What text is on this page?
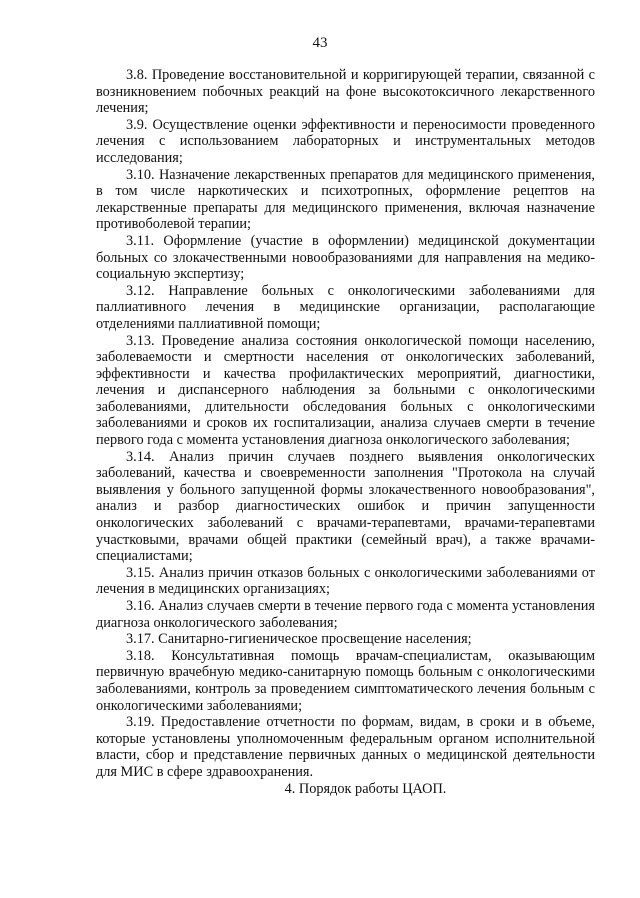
43

3.8. Проведение восстановительной и корригирующей терапии, связанной с возникновением побочных реакций на фоне высокотоксичного лекарственного лечения;

3.9. Осуществление оценки эффективности и переносимости проведенного лечения с использованием лабораторных и инструментальных методов исследования;

3.10. Назначение лекарственных препаратов для медицинского применения, в том числе наркотических и психотропных, оформление рецептов на лекарственные препараты для медицинского применения, включая назначение противоболевой терапии;

3.11. Оформление (участие в оформлении) медицинской документации больных со злокачественными новообразованиями для направления на медико-социальную экспертизу;

3.12. Направление больных с онкологическими заболеваниями для паллиативного лечения в медицинские организации, располагающие отделениями паллиативной помощи;

3.13. Проведение анализа состояния онкологической помощи населению, заболеваемости и смертности населения от онкологических заболеваний, эффективности и качества профилактических мероприятий, диагностики, лечения и диспансерного наблюдения за больными с онкологическими заболеваниями, длительности обследования больных с онкологическими заболеваниями и сроков их госпитализации, анализа случаев смерти в течение первого года с момента установления диагноза онкологического заболевания;

3.14. Анализ причин случаев позднего выявления онкологических заболеваний, качества и своевременности заполнения "Протокола на случай выявления у больного запущенной формы злокачественного новообразования", анализ и разбор диагностических ошибок и причин запущенности онкологических заболеваний с врачами-терапевтами, врачами-терапевтами участковыми, врачами общей практики (семейный врач), а также врачами-специалистами;

3.15. Анализ причин отказов больных с онкологическими заболеваниями от лечения в медицинских организациях;

3.16. Анализ случаев смерти в течение первого года с момента установления диагноза онкологического заболевания;

3.17. Санитарно-гигиеническое просвещение населения;

3.18. Консультативная помощь врачам-специалистам, оказывающим первичную врачебную медико-санитарную помощь больным с онкологическими заболеваниями, контроль за проведением симптоматического лечения больным с онкологическими заболеваниями;

3.19. Предоставление отчетности по формам, видам, в сроки и в объеме, которые установлены уполномоченным федеральным органом исполнительной власти, сбор и представление первичных данных о медицинской деятельности для МИС в сфере здравоохранения.

4. Порядок работы ЦАОП.
